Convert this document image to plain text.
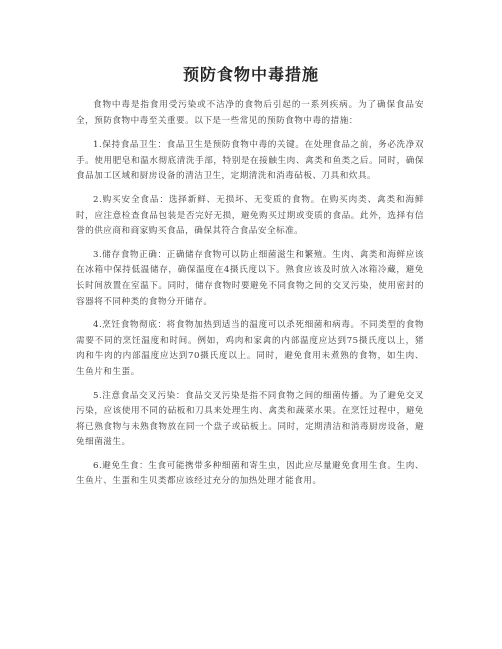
预防食物中毒措施

食物中毒是指食用受污染或不洁净的食物后引起的一系列疾病。为了确保食品安全，预防食物中毒至关重要。以下是一些常见的预防食物中毒的措施：

1.保持食品卫生：食品卫生是预防食物中毒的关键。在处理食品之前，务必洗净双手。使用肥皂和温水彻底清洗手部，特别是在接触生肉、禽类和鱼类之后。同时，确保食品加工区域和厨房设备的清洁卫生，定期清洗和消毒砧板、刀具和炊具。

2.购买安全食品：选择新鲜、无损坏、无变质的食物。在购买肉类、禽类和海鲜时，应注意检查食品包装是否完好无损，避免购买过期或变质的食品。此外，选择有信誉的供应商和商家购买食品，确保其符合食品安全标准。

3.储存食物正确：正确储存食物可以防止细菌滋生和繁殖。生肉、禽类和海鲜应该在冰箱中保持低温储存，确保温度在4摄氏度以下。熟食应该及时放入冰箱冷藏，避免长时间放置在室温下。同时，储存食物时要避免不同食物之间的交叉污染，使用密封的容器将不同种类的食物分开储存。

4.烹饪食物彻底：将食物加热到适当的温度可以杀死细菌和病毒。不同类型的食物需要不同的烹饪温度和时间。例如，鸡肉和家禽的内部温度应达到75摄氏度以上，猪肉和牛肉的内部温度应达到70摄氏度以上。同时，避免食用未煮熟的食物，如生肉、生鱼片和生蛋。

5.注意食品交叉污染：食品交叉污染是指不同食物之间的细菌传播。为了避免交叉污染，应该使用不同的砧板和刀具来处理生肉、禽类和蔬菜水果。在烹饪过程中，避免将已熟食物与未熟食物放在同一个盘子或砧板上。同时，定期清洁和消毒厨房设备，避免细菌滋生。

6.避免生食：生食可能携带多种细菌和寄生虫，因此应尽量避免食用生食。生肉、生鱼片、生蛋和生贝类都应该经过充分的加热处理才能食用。
